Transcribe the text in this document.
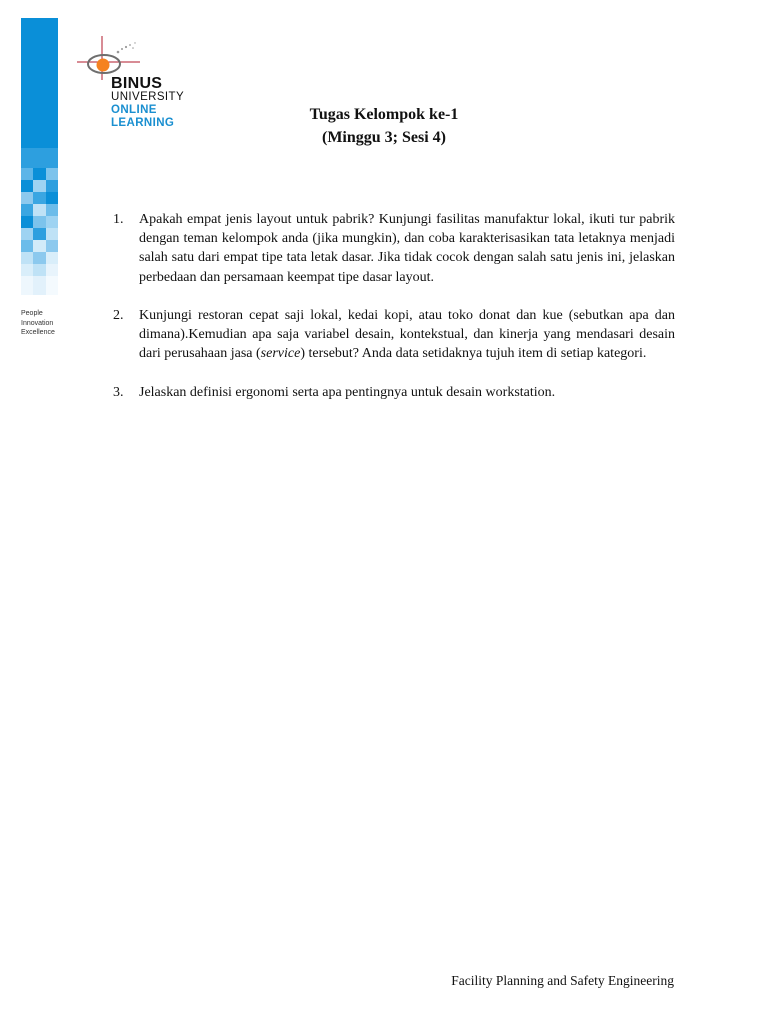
People
Innovation
Excellence
BINUS
UNIVERSITY
ONLINE
LEARNING	Tugas Kelompok ke-1
(Minggu 3; Sesi 4)
1.	Apakah empat jenis layout untuk pabrik? Kunjungi fasilitas manufaktur lokal, ikuti tur pabrik dengan teman kelompok anda (jika mungkin), dan coba karakterisasikan tata letaknya menjadi salah satu dari empat tipe tata letak dasar. Jika tidak cocok dengan salah satu jenis ini, jelaskan perbedaan dan persamaan keempat tipe dasar layout.
2.	Kunjungi restoran cepat saji lokal, kedai kopi, atau toko donat dan kue (sebutkan apa dan dimana).Kemudian apa saja variabel desain, kontekstual, dan kinerja yang mendasari desain dari perusahaan jasa (service) tersebut? Anda data setidaknya tujuh item di setiap kategori.
3.	Jelaskan definisi ergonomi serta apa pentingnya untuk desain workstation.
Facility Planning and Safety Engineering
